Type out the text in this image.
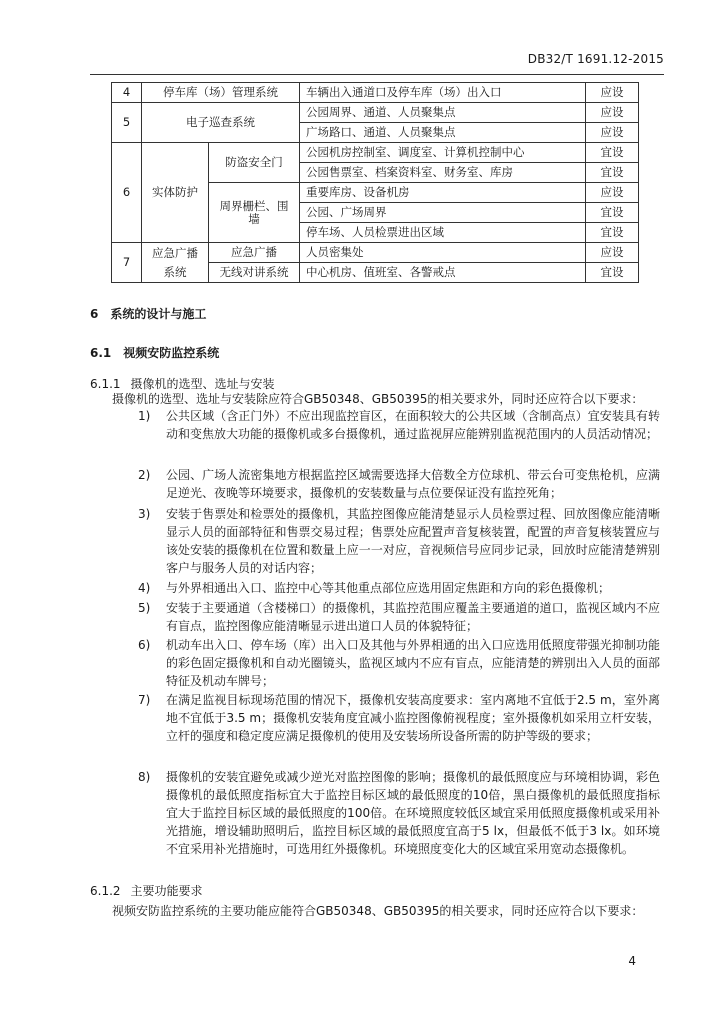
DB32/T 1691.12-2015
4	停车库（场）管理系统		车辆出入通道口及停车库（场）出入口	应设
5	电子巡查系统		公园周界、通道、人员聚集点	应设
			广场路口、通道、人员聚集点	应设
6	实体防护	防盗安全门	公园机房控制室、调度室、计算机控制中心	宜设
			公园售票室、档案资料室、财务室、库房	宜设
		周界栅栏、围墙	重要库房、设备机房	应设
			公园、广场周界	宜设
			停车场、人员检票进出区域	宜设
7	应急广播系统	应急广播	人员密集处	应设
		无线对讲系统	中心机房、值班室、各警戒点	宜设
6 系统的设计与施工
6.1 视频安防监控系统
6.1.1 摄像机的选型、选址与安装
摄像机的选型、选址与安装除应符合GB50348、GB50395的相关要求外，同时还应符合以下要求：
1)	公共区域（含正门外）不应出现监控盲区，在面积较大的公共区域（含制高点）宜安装具有转动和变焦放大功能的摄像机或多台摄像机，通过监视屏应能辨别监视范围内的人员活动情况；
2)	公园、广场人流密集地方根据监控区域需要选择大倍数全方位球机、带云台可变焦枪机，应满足逆光、夜晚等环境要求，摄像机的安装数量与点位要保证没有监控死角；
3)	安装于售票处和检票处的摄像机，其监控图像应能清楚显示人员检票过程、回放图像应能清晰显示人员的面部特征和售票交易过程；售票处应配置声音复核装置，配置的声音复核装置应与该处安装的摄像机在位置和数量上应一一对应，音视频信号应同步记录，回放时应能清楚辨别客户与服务人员的对话内容；
4)	与外界相通出入口、监控中心等其他重点部位应选用固定焦距和方向的彩色摄像机；
5)	安装于主要通道（含楼梯口）的摄像机，其监控范围应覆盖主要通道的道口，监视区域内不应有盲点，监控图像应能清晰显示进出道口人员的体貌特征；
6)	机动车出入口、停车场（库）出入口及其他与外界相通的出入口应选用低照度带强光抑制功能的彩色固定摄像机和自动光圈镜头，监视区域内不应有盲点，应能清楚的辨别出入人员的面部特征及机动车牌号；
7)	在满足监视目标现场范围的情况下，摄像机安装高度要求：室内离地不宜低于2.5 m，室外离地不宜低于3.5 m；摄像机安装角度宜减小监控图像俯视程度；室外摄像机如采用立杆安装，立杆的强度和稳定度应满足摄像机的使用及安装场所设备所需的防护等级的要求；
8)	摄像机的安装宜避免或减少逆光对监控图像的影响；摄像机的最低照度应与环境相协调，彩色摄像机的最低照度指标宜大于监控目标区域的最低照度的10倍，黑白摄像机的最低照度指标宜大于监控目标区域的最低照度的100倍。在环境照度较低区域宜采用低照度摄像机或采用补光措施，增设辅助照明后，监控目标区域的最低照度宜高于5 lx，但最低不低于3 lx。如环境不宜采用补光措施时，可选用红外摄像机。环境照度变化大的区域宜采用宽动态摄像机。
6.1.2 主要功能要求
视频安防监控系统的主要功能应能符合GB50348、GB50395的相关要求，同时还应符合以下要求：
4
